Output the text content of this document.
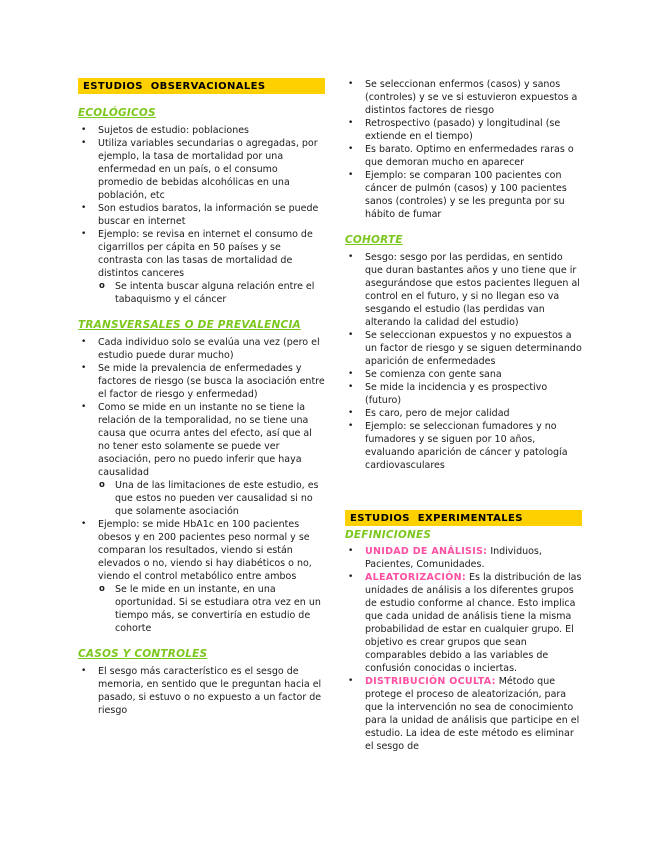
ESTUDIOS OBSERVACIONALES
ECOLÓGICOS
•	Sujetos de estudio: poblaciones
•	Utiliza variables secundarias o agregadas, por ejemplo, la tasa de mortalidad por una enfermedad en un país, o el consumo promedio de bebidas alcohólicas en una población, etc
•	Son estudios baratos, la información se puede buscar en internet
•	Ejemplo: se revisa en internet el consumo de cigarrillos per cápita en 50 países y se contrasta con las tasas de mortalidad de distintos canceres
o	Se intenta buscar alguna relación entre el tabaquismo y el cáncer
TRANSVERSALES O DE PREVALENCIA
•	Cada individuo solo se evalúa una vez (pero el estudio puede durar mucho)
•	Se mide la prevalencia de enfermedades y factores de riesgo (se busca la asociación entre el factor de riesgo y enfermedad)
•	Como se mide en un instante no se tiene la relación de la temporalidad, no se tiene una causa que ocurra antes del efecto, así que al no tener esto solamente se puede ver asociación, pero no puedo inferir que haya causalidad
o	Una de las limitaciones de este estudio, es que estos no pueden ver causalidad si no que solamente asociación
•	Ejemplo: se mide HbA1c en 100 pacientes obesos y en 200 pacientes peso normal y se comparan los resultados, viendo si están elevados o no, viendo si hay diabéticos o no, viendo el control metabólico entre ambos
o	Se le mide en un instante, en una oportunidad. Si se estudiara otra vez en un tiempo más, se convertiría en estudio de cohorte
CASOS Y CONTROLES
•	El sesgo más característico es el sesgo de memoria, en sentido que le preguntan hacia el pasado, si estuvo o no expuesto a un factor de riesgo
•	Se seleccionan enfermos (casos) y sanos (controles) y se ve si estuvieron expuestos a distintos factores de riesgo
•	Retrospectivo (pasado) y longitudinal (se extiende en el tiempo)
•	Es barato. Optimo en enfermedades raras o que demoran mucho en aparecer
•	Ejemplo: se comparan 100 pacientes con cáncer de pulmón (casos) y 100 pacientes sanos (controles) y se les pregunta por su hábito de fumar
COHORTE
•	Sesgo: sesgo por las perdidas, en sentido que duran bastantes años y uno tiene que ir asegurándose que estos pacientes lleguen al control en el futuro, y si no llegan eso va sesgando el estudio (las perdidas van alterando la calidad del estudio)
•	Se seleccionan expuestos y no expuestos a un factor de riesgo y se siguen determinando aparición de enfermedades
•	Se comienza con gente sana
•	Se mide la incidencia y es prospectivo (futuro)
•	Es caro, pero de mejor calidad
•	Ejemplo: se seleccionan fumadores y no fumadores y se siguen por 10 años, evaluando aparición de cáncer y patología cardiovasculares
ESTUDIOS EXPERIMENTALES
DEFINICIONES
•	UNIDAD DE ANÁLISIS: Individuos, Pacientes, Comunidades.
•	ALEATORIZACIÓN: Es la distribución de las unidades de análisis a los diferentes grupos de estudio conforme al chance. Esto implica que cada unidad de análisis tiene la misma probabilidad de estar en cualquier grupo. El objetivo es crear grupos que sean comparables debido a las variables de confusión conocidas o inciertas.
•	DISTRIBUCIÓN OCULTA: Método que protege el proceso de aleatorización, para que la intervención no sea de conocimiento para la unidad de análisis que participe en el estudio. La idea de este método es eliminar el sesgo de
